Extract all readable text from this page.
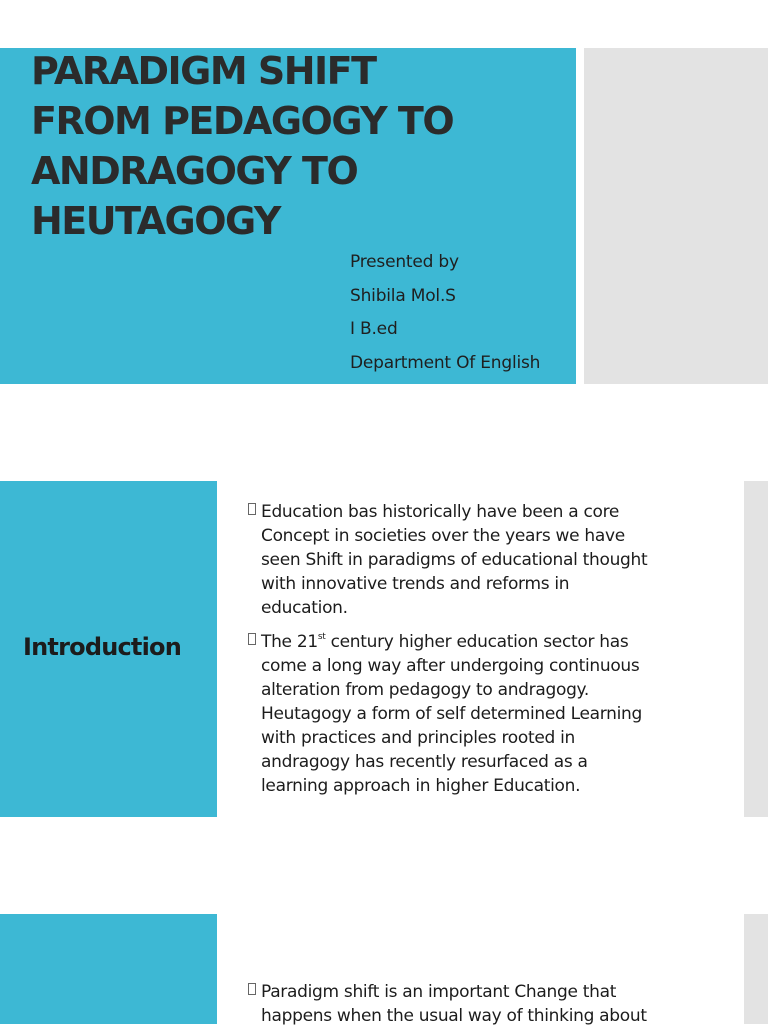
PARADIGM SHIFT
FROM PEDAGOGY TO
ANDRAGOGY TO
HEUTAGOGY
Presented by
Shibila Mol.S
I B.ed
Department Of English
Introduction
Education bas historically have been a core
Concept in societies over the years we have
seen Shift in paradigms of educational thought
with innovative trends and reforms in
education.
The 21st century higher education sector has
come a long way after undergoing continuous
alteration from pedagogy to andragogy.
Heutagogy a form of self determined Learning
with practices and principles rooted in
andragogy has recently resurfaced as a
learning approach in higher Education.
Paradigm shift is an important Change that
happens when the usual way of thinking about
